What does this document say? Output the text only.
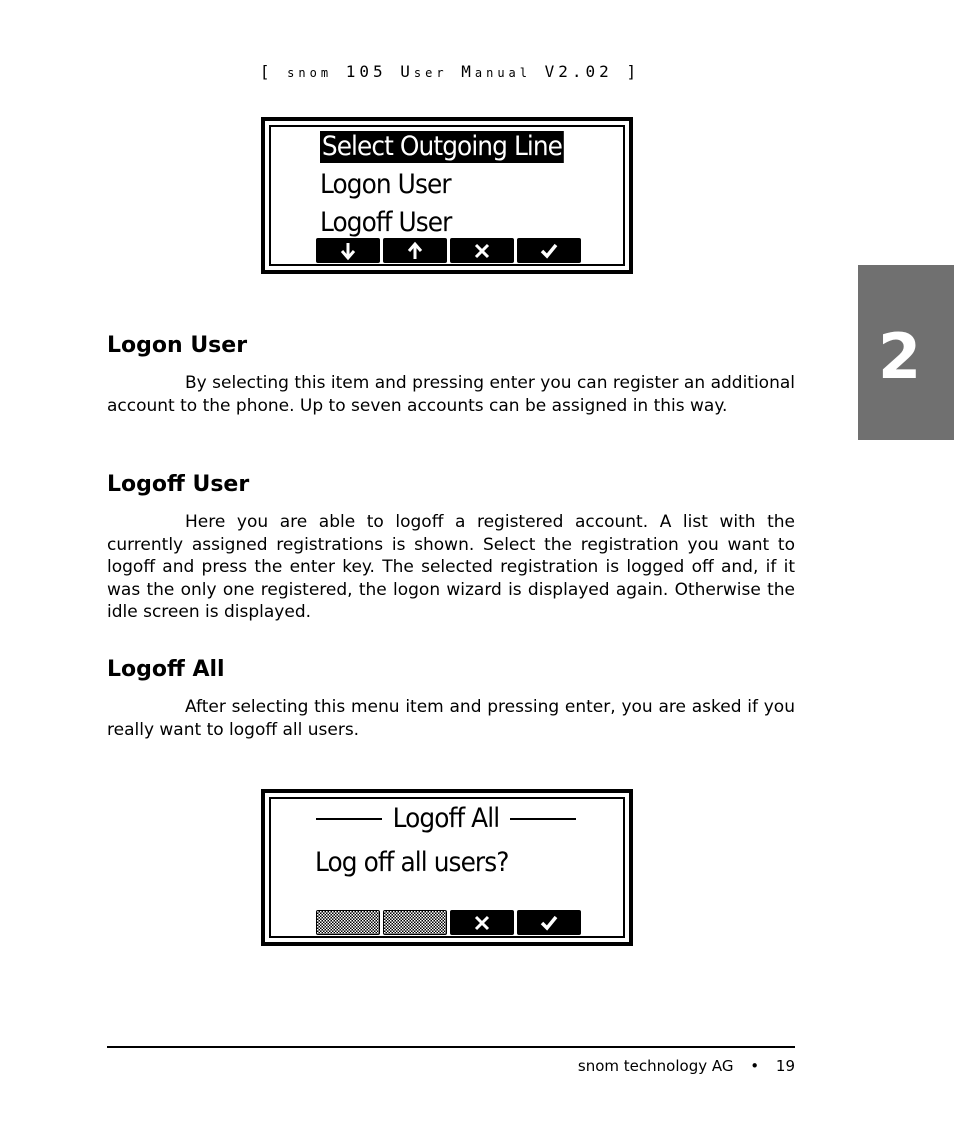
[ snom 105 User Manual V2.02 ]
2
Select Outgoing Line
Logon User
Logoff User
Logon User

By selecting this item and pressing enter you can register an additional account to the phone. Up to seven accounts can be assigned in this way.

Logoff User

Here you are able to logoff a registered account. A list with the currently assigned registrations is shown. Select the registration you want to logoff and press the enter key. The selected registration is logged off and, if it was the only one registered, the logon wizard is displayed again. Otherwise the idle screen is displayed.

Logoff All

After selecting this menu item and pressing enter, you are asked if you really want to logoff all users.

Logoff All
Log off all users?
snom technology AG • 19
